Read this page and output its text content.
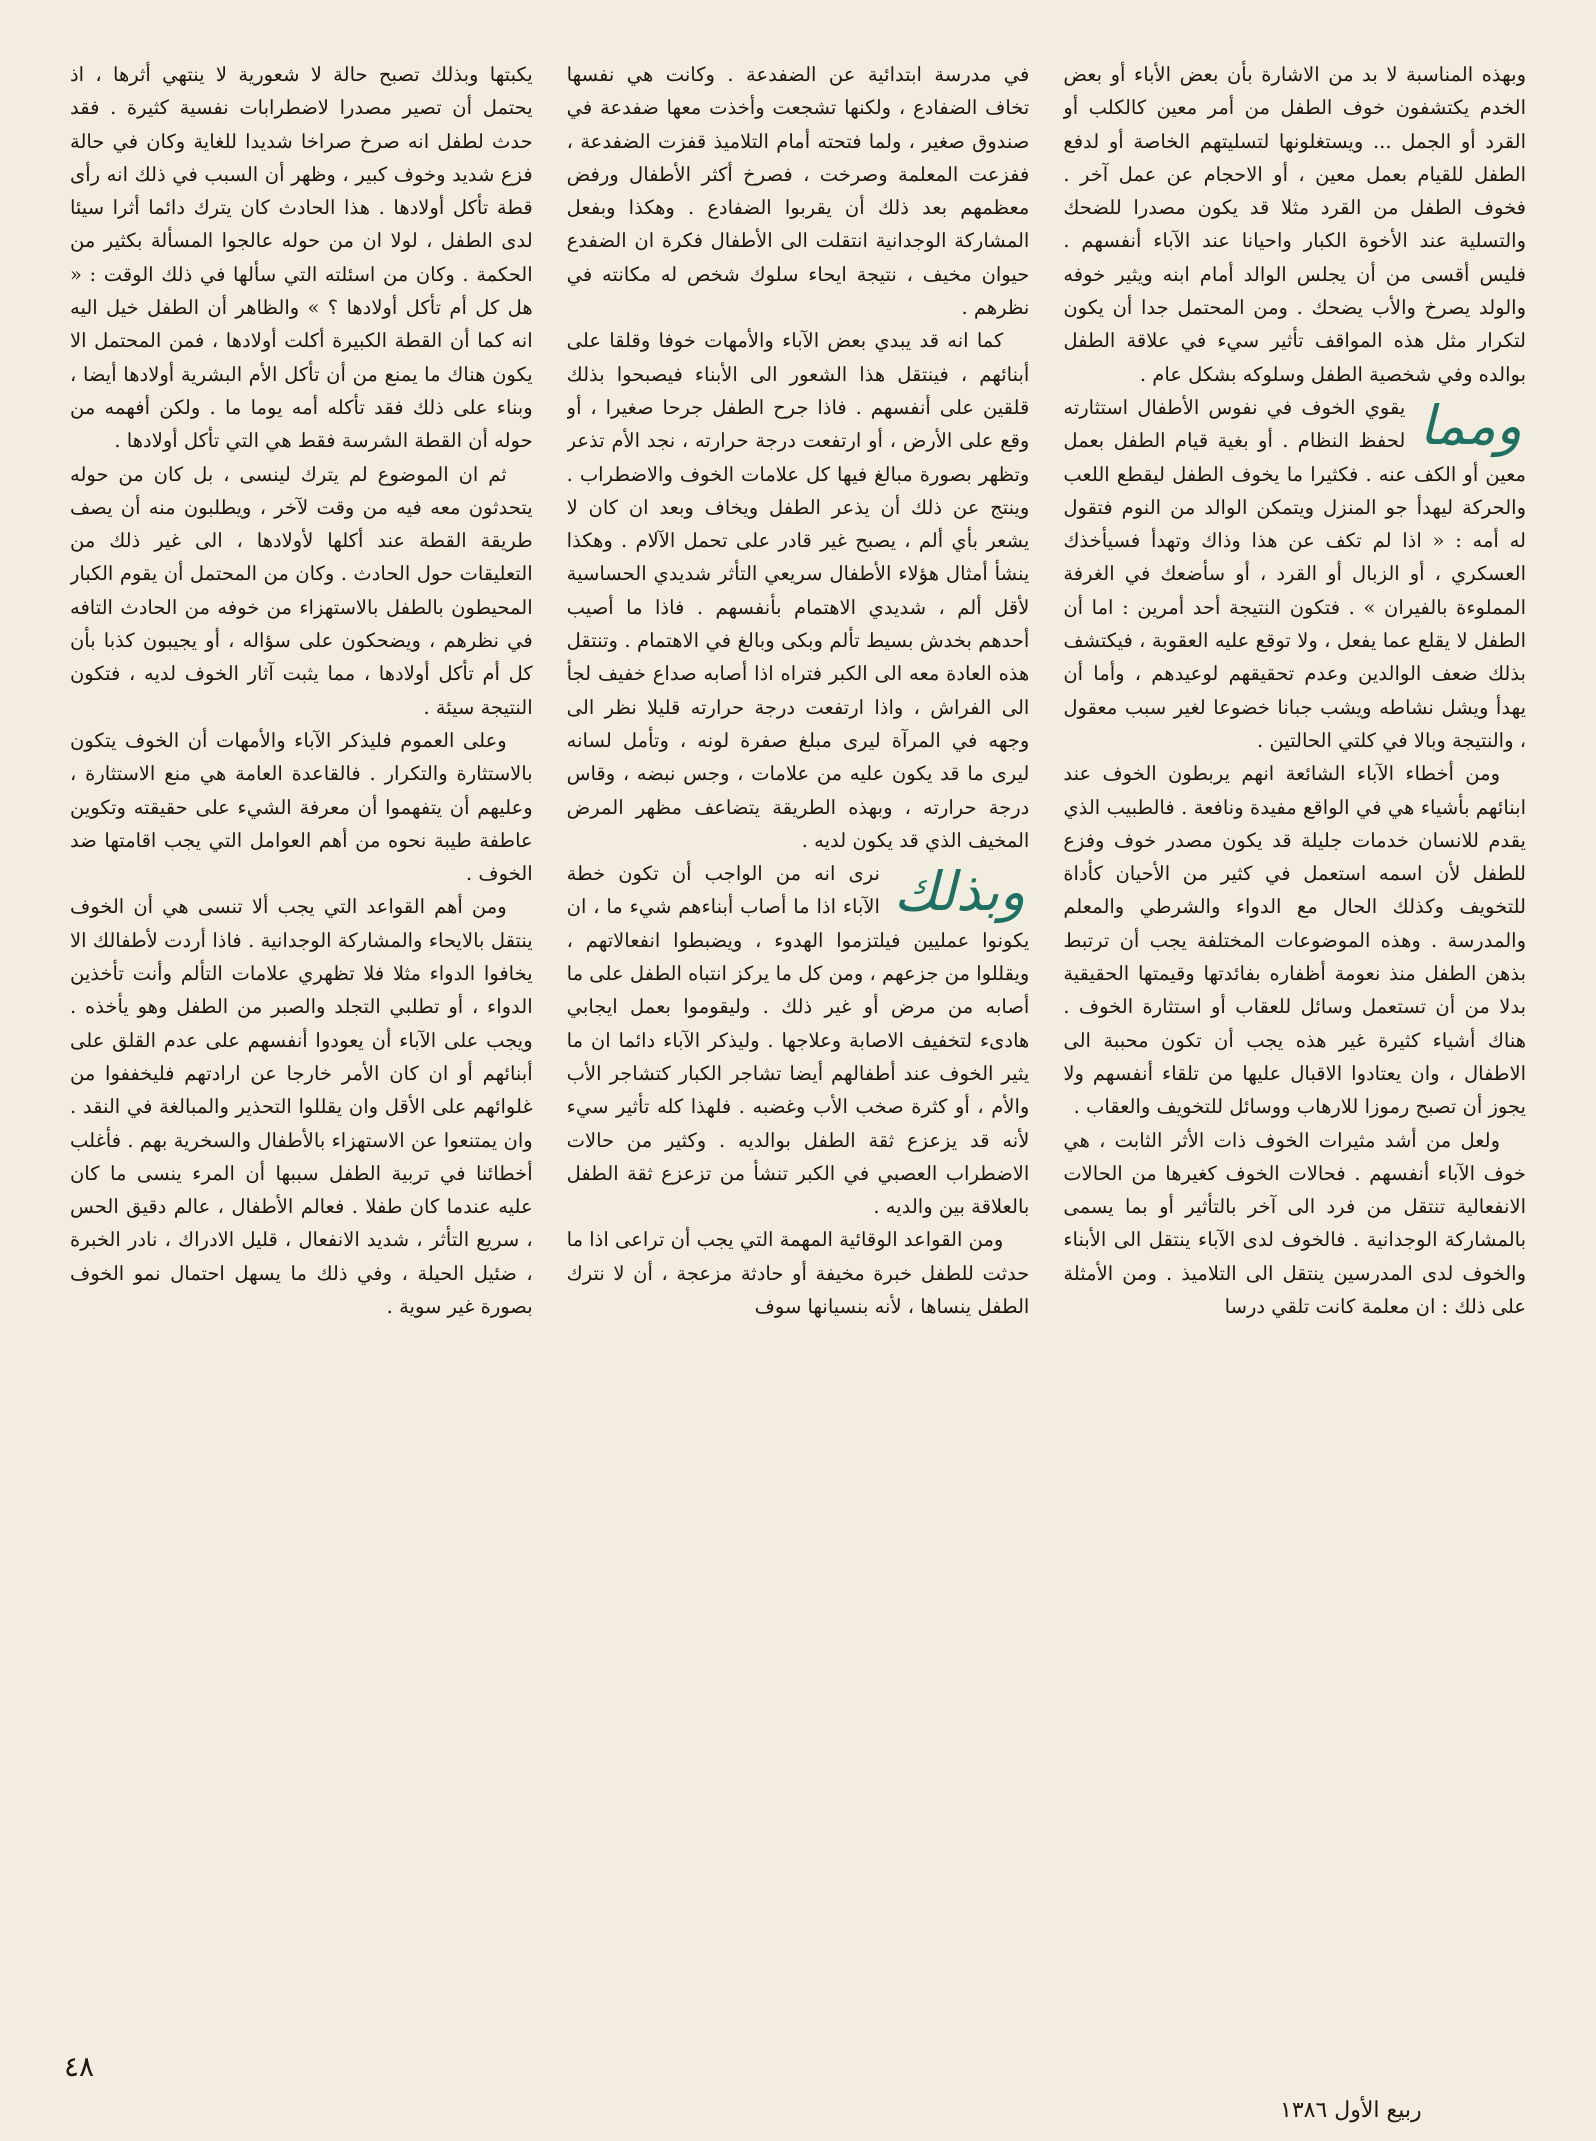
وبهذه المناسبة لا بد من الاشارة بأن بعض الأباء أو بعض الخدم يكتشفون خوف الطفل من أمر معين كالكلب أو القرد أو الجمل ... ويستغلونها لتسليتهم الخاصة أو لدفع الطفل للقيام بعمل معين ، أو الاحجام عن عمل آخر . فخوف الطفل من القرد مثلا قد يكون مصدرا للضحك والتسلية عند الأخوة الكبار واحيانا عند الآباء أنفسهم . فليس أقسى من أن يجلس الوالد أمام ابنه ويثير خوفه والولد يصرخ والأب يضحك . ومن المحتمل جدا أن يكون لتكرار مثل هذه المواقف تأثير سيء في علاقة الطفل بوالده وفي شخصية الطفل وسلوكه بشكل عام .

ومما
يقوي الخوف في نفوس الأطفال استثارته لحفظ النظام . أو بغية قيام الطفل بعمل معين أو الكف عنه . فكثيرا ما يخوف الطفل ليقطع اللعب والحركة ليهدأ جو المنزل ويتمكن الوالد من النوم فتقول له أمه : « اذا لم تكف عن هذا وذاك وتهدأ فسيأخذك العسكري ، أو الزبال أو القرد ، أو سأضعك في الغرفة المملوءة بالفيران » . فتكون النتيجة أحد أمرين : اما أن الطفل لا يقلع عما يفعل ، ولا توقع عليه العقوبة ، فيكتشف بذلك ضعف الوالدين وعدم تحقيقهم لوعيدهم ، وأما أن يهدأ ويشل نشاطه ويشب جبانا خضوعا لغير سبب معقول ، والنتيجة وبالا في كلتي الحالتين .

ومن أخطاء الآباء الشائعة انهم يربطون الخوف عند ابنائهم بأشياء هي في الواقع مفيدة ونافعة . فالطبيب الذي يقدم للانسان خدمات جليلة قد يكون مصدر خوف وفزع للطفل لأن اسمه استعمل في كثير من الأحيان كأداة للتخويف وكذلك الحال مع الدواء والشرطي والمعلم والمدرسة . وهذه الموضوعات المختلفة يجب أن ترتبط بذهن الطفل منذ نعومة أظفاره بفائدتها وقيمتها الحقيقية بدلا من أن تستعمل وسائل للعقاب أو استثارة الخوف . هناك أشياء كثيرة غير هذه يجب أن تكون محببة الى الاطفال ، وان يعتادوا الاقبال عليها من تلقاء أنفسهم ولا يجوز أن تصبح رموزا للارهاب ووسائل للتخويف والعقاب .

ولعل من أشد مثيرات الخوف ذات الأثر الثابت ، هي خوف الآباء أنفسهم . فحالات الخوف كغيرها من الحالات الانفعالية تنتقل من فرد الى آخر بالتأثير أو بما يسمى بالمشاركة الوجدانية . فالخوف لدى الآباء ينتقل الى الأبناء والخوف لدى المدرسين ينتقل الى التلاميذ . ومن الأمثلة على ذلك : ان معلمة كانت تلقي درسا

في مدرسة ابتدائية عن الضفدعة . وكانت هي نفسها تخاف الضفادع ، ولكنها تشجعت وأخذت معها ضفدعة في صندوق صغير ، ولما فتحته أمام التلاميذ قفزت الضفدعة ، ففزعت المعلمة وصرخت ، فصرخ أكثر الأطفال ورفض معظمهم بعد ذلك أن يقربوا الضفادع . وهكذا وبفعل المشاركة الوجدانية انتقلت الى الأطفال فكرة ان الضفدع حيوان مخيف ، نتيجة ايحاء سلوك شخص له مكانته في نظرهم .

كما انه قد يبدي بعض الآباء والأمهات خوفا وقلقا على أبنائهم ، فينتقل هذا الشعور الى الأبناء فيصبحوا بذلك قلقين على أنفسهم . فاذا جرح الطفل جرحا صغيرا ، أو وقع على الأرض ، أو ارتفعت درجة حرارته ، نجد الأم تذعر وتظهر بصورة مبالغ فيها كل علامات الخوف والاضطراب . وينتج عن ذلك أن يذعر الطفل ويخاف وبعد ان كان لا يشعر بأي ألم ، يصبح غير قادر على تحمل الآلام . وهكذا ينشأ أمثال هؤلاء الأطفال سريعي التأثر شديدي الحساسية لأقل ألم ، شديدي الاهتمام بأنفسهم . فاذا ما أصيب أحدهم بخدش بسيط تألم وبكى وبالغ في الاهتمام . وتنتقل هذه العادة معه الى الكبر فتراه اذا أصابه صداع خفيف لجأ الى الفراش ، واذا ارتفعت درجة حرارته قليلا نظر الى وجهه في المرآة ليرى مبلغ صفرة لونه ، وتأمل لسانه ليرى ما قد يكون عليه من علامات ، وجس نبضه ، وقاس درجة حرارته ، وبهذه الطريقة يتضاعف مظهر المرض المخيف الذي قد يكون لديه .

وبذلك
نرى انه من الواجب أن تكون خطة الآباء اذا ما أصاب أبناءهم شيء ما ، ان يكونوا عمليين فيلتزموا الهدوء ، ويضبطوا انفعالاتهم ، ويقللوا من جزعهم ، ومن كل ما يركز انتباه الطفل على ما أصابه من مرض أو غير ذلك . وليقوموا بعمل ايجابي هادىء لتخفيف الاصابة وعلاجها . وليذكر الآباء دائما ان ما يثير الخوف عند أطفالهم أيضا تشاجر الكبار كتشاجر الأب والأم ، أو كثرة صخب الأب وغضبه . فلهذا كله تأثير سيء لأنه قد يزعزع ثقة الطفل بوالديه . وكثير من حالات الاضطراب العصبي في الكبر تنشأ من تزعزع ثقة الطفل بالعلاقة بين والديه .

ومن القواعد الوقائية المهمة التي يجب أن تراعى اذا ما حدثت للطفل خبرة مخيفة أو حادثة مزعجة ، أن لا نترك الطفل ينساها ، لأنه بنسيانها سوف

يكبتها وبذلك تصبح حالة لا شعورية لا ينتهي أثرها ، اذ يحتمل أن تصير مصدرا لاضطرابات نفسية كثيرة . فقد حدث لطفل انه صرخ صراخا شديدا للغاية وكان في حالة فزع شديد وخوف كبير ، وظهر أن السبب في ذلك انه رأى قطة تأكل أولادها . هذا الحادث كان يترك دائما أثرا سيئا لدى الطفل ، لولا ان من حوله عالجوا المسألة بكثير من الحكمة . وكان من اسئلته التي سألها في ذلك الوقت : « هل كل أم تأكل أولادها ؟ » والظاهر أن الطفل خيل اليه انه كما أن القطة الكبيرة أكلت أولادها ، فمن المحتمل الا يكون هناك ما يمنع من أن تأكل الأم البشرية أولادها أيضا ، وبناء على ذلك فقد تأكله أمه يوما ما . ولكن أفهمه من حوله أن القطة الشرسة فقط هي التي تأكل أولادها .

ثم ان الموضوع لم يترك لينسى ، بل كان من حوله يتحدثون معه فيه من وقت لآخر ، ويطلبون منه أن يصف طريقة القطة عند أكلها لأولادها ، الى غير ذلك من التعليقات حول الحادث . وكان من المحتمل أن يقوم الكبار المحيطون بالطفل بالاستهزاء من خوفه من الحادث التافه في نظرهم ، ويضحكون على سؤاله ، أو يجيبون كذبا بأن كل أم تأكل أولادها ، مما يثبت آثار الخوف لديه ، فتكون النتيجة سيئة .

وعلى العموم فليذكر الآباء والأمهات أن الخوف يتكون بالاستثارة والتكرار . فالقاعدة العامة هي منع الاستثارة ، وعليهم أن يتفهموا أن معرفة الشيء على حقيقته وتكوين عاطفة طيبة نحوه من أهم العوامل التي يجب اقامتها ضد الخوف .

ومن أهم القواعد التي يجب ألا تنسى هي أن الخوف ينتقل بالايحاء والمشاركة الوجدانية . فاذا أردت لأطفالك الا يخافوا الدواء مثلا فلا تظهري علامات التألم وأنت تأخذين الدواء ، أو تطلبي التجلد والصبر من الطفل وهو يأخذه . ويجب على الآباء أن يعودوا أنفسهم على عدم القلق على أبنائهم أو ان كان الأمر خارجا عن ارادتهم فليخففوا من غلوائهم على الأقل وان يقللوا التحذير والمبالغة في النقد . وان يمتنعوا عن الاستهزاء بالأطفال والسخرية بهم . فأغلب أخطائنا في تربية الطفل سببها أن المرء ينسى ما كان عليه عندما كان طفلا . فعالم الأطفال ، عالم دقيق الحس ، سريع التأثر ، شديد الانفعال ، قليل الادراك ، نادر الخبرة ، ضئيل الحيلة ، وفي ذلك ما يسهل احتمال نمو الخوف بصورة غير سوية .

٤٨
ربيع الأول ١٣٨٦
